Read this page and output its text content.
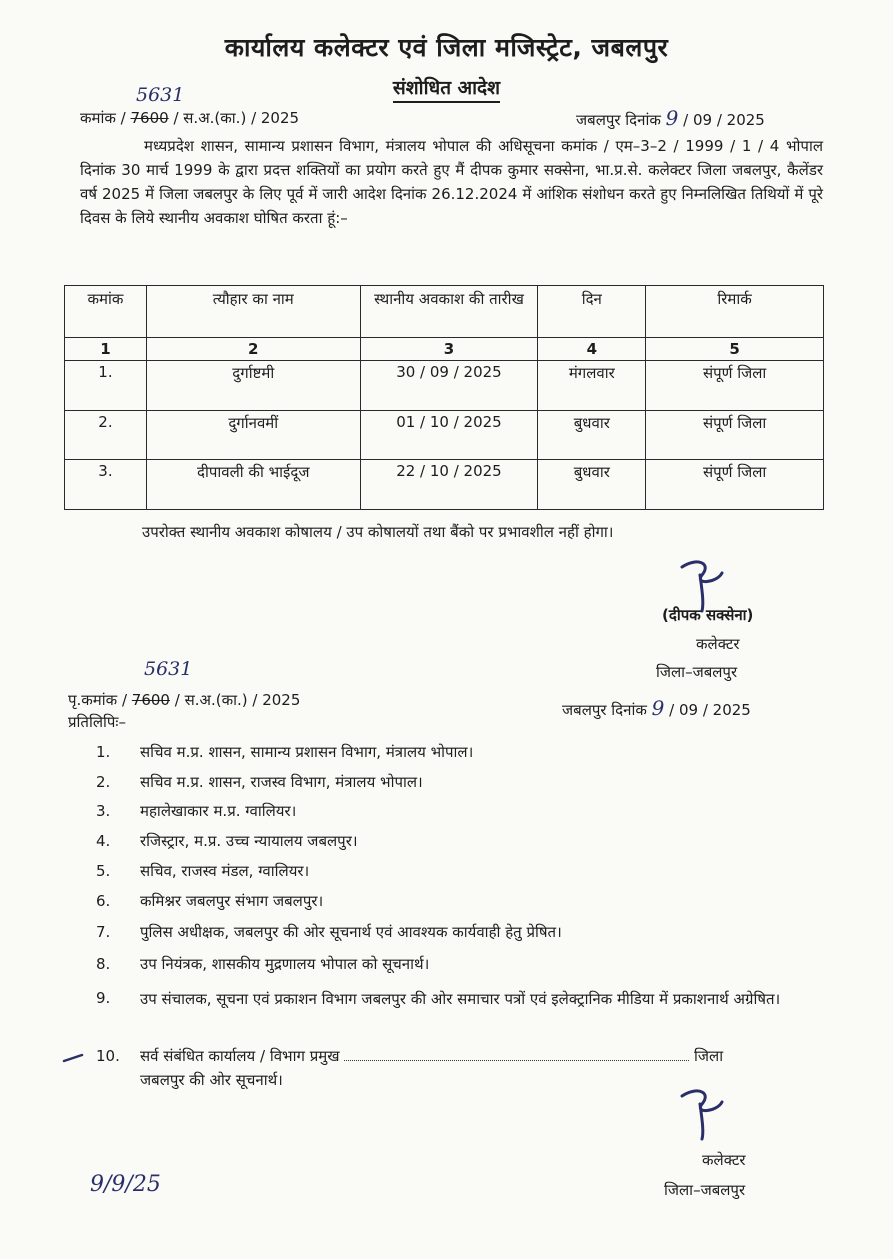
कार्यालय कलेक्टर एवं जिला मजिस्ट्रेट, जबलपुर
संशोधित आदेश
5631
कमांक / 7600 / स.अ.(का.) / 2025	जबलपुर दिनांक 9 / 09 / 2025
मध्यप्रदेश शासन, सामान्य प्रशासन विभाग, मंत्रालय भोपाल की अधिसूचना कमांक / एम–3–2 / 1999 / 1 / 4 भोपाल दिनांक 30 मार्च 1999 के द्वारा प्रदत्त शक्तियों का प्रयोग करते हुए मैं दीपक कुमार सक्सेना, भा.प्र.से. कलेक्टर जिला जबलपुर, कैलेंडर वर्ष 2025 में जिला जबलपुर के लिए पूर्व में जारी आदेश दिनांक 26.12.2024 में आंशिक संशोधन करते हुए निम्नलिखित तिथियों में पूरे दिवस के लिये स्थानीय अवकाश घोषित करता हूं:–
कमांक	त्यौहार का नाम	स्थानीय अवकाश की तारीख	दिन	रिमार्क
1	2	3	4	5
1.	दुर्गाष्टमी	30 / 09 / 2025	मंगलवार	संपूर्ण जिला
2.	दुर्गानवमीं	01 / 10 / 2025	बुधवार	संपूर्ण जिला
3.	दीपावली की भाईदूज	22 / 10 / 2025	बुधवार	संपूर्ण जिला
उपरोक्त स्थानीय अवकाश कोषालय / उप कोषालयों तथा बैंको पर प्रभावशील नहीं होगा।
(दीपक सक्सेना)
कलेक्टर
जिला–जबलपुर
5631
पृ.कमांक / 7600 / स.अ.(का.) / 2025
जबलपुर दिनांक 9 / 09 / 2025
प्रतिलिपिः–
1. सचिव म.प्र. शासन, सामान्य प्रशासन विभाग, मंत्रालय भोपाल।
2. सचिव म.प्र. शासन, राजस्व विभाग, मंत्रालय भोपाल।
3. महालेखाकार म.प्र. ग्वालियर।
4. रजिस्ट्रार, म.प्र. उच्च न्यायालय जबलपुर।
5. सचिव, राजस्व मंडल, ग्वालियर।
6. कमिश्नर जबलपुर संभाग जबलपुर।
7. पुलिस अधीक्षक, जबलपुर की ओर सूचनार्थ एवं आवश्यक कार्यवाही हेतु प्रेषित।
8. उप नियंत्रक, शासकीय मुद्रणालय भोपाल को सूचनार्थ।
9. उप संचालक, सूचना एवं प्रकाशन विभाग जबलपुर की ओर समाचार पत्रों एवं इलेक्ट्रानिक मीडिया में प्रकाशनार्थ अग्रेषित।
10. सर्व संबंधित कार्यालय / विभाग प्रमुख	जिला
जबलपुर की ओर सूचनार्थ।
कलेक्टर
जिला–जबलपुर
9/9/25
